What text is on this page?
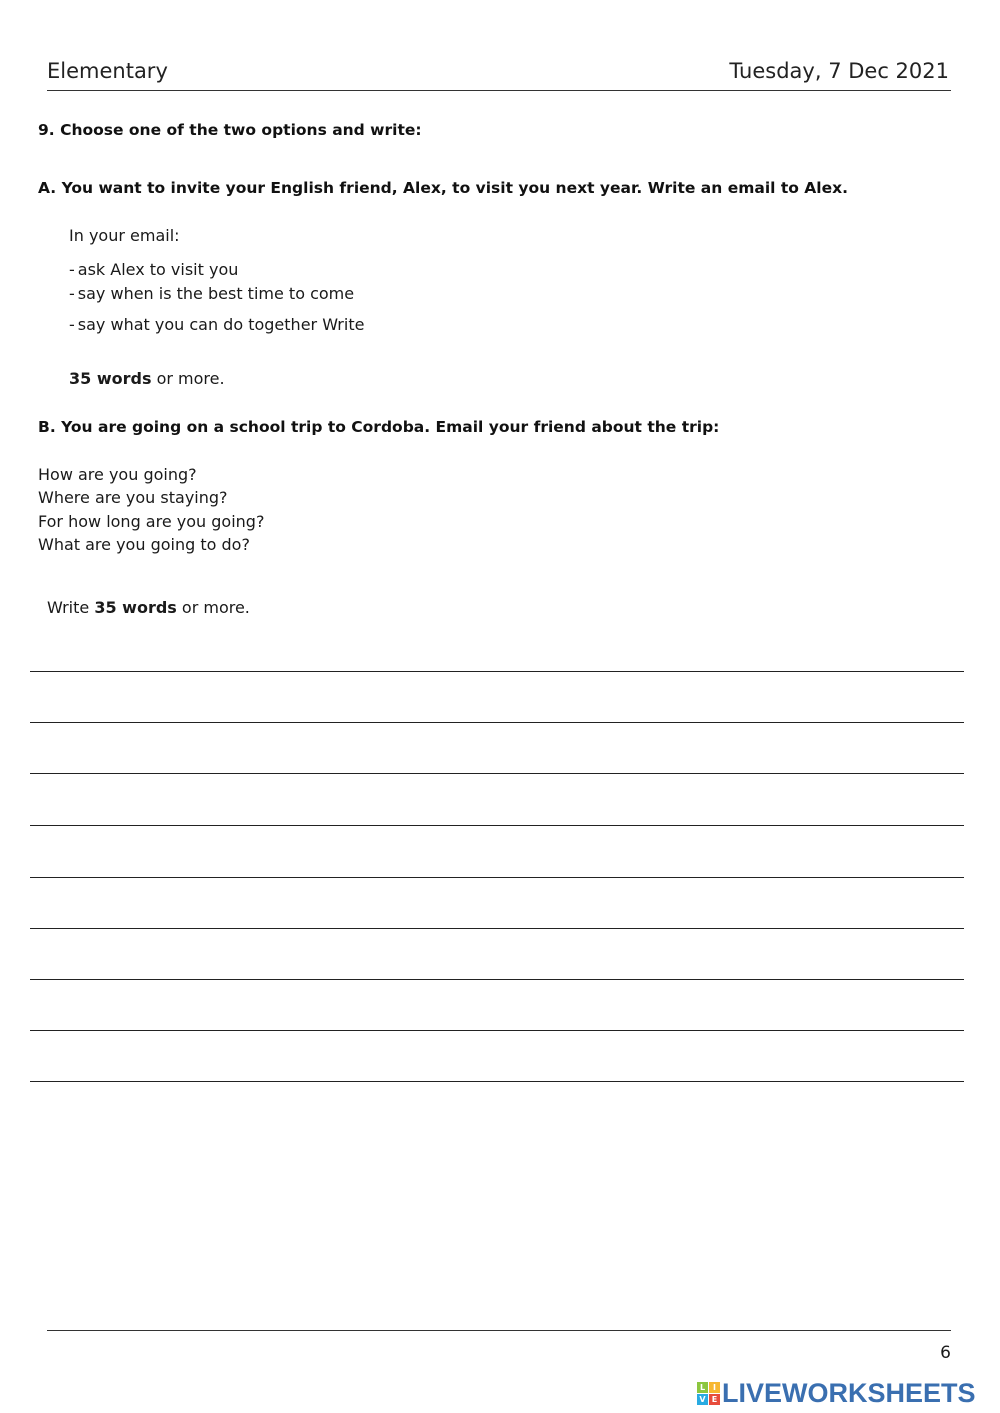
Elementary	Tuesday, 7 Dec 2021
9. Choose one of the two options and write:
A. You want to invite your English friend, Alex, to visit you next year. Write an email to Alex.
In your email:
- ask Alex to visit you
- say when is the best time to come
- say what you can do together Write
35 words or more.
B. You are going on a school trip to Cordoba. Email your friend about the trip:
How are you going?
Where are you staying?
For how long are you going?
What are you going to do?
Write 35 words or more.
6
L I
V E LIVEWORKSHEETS
